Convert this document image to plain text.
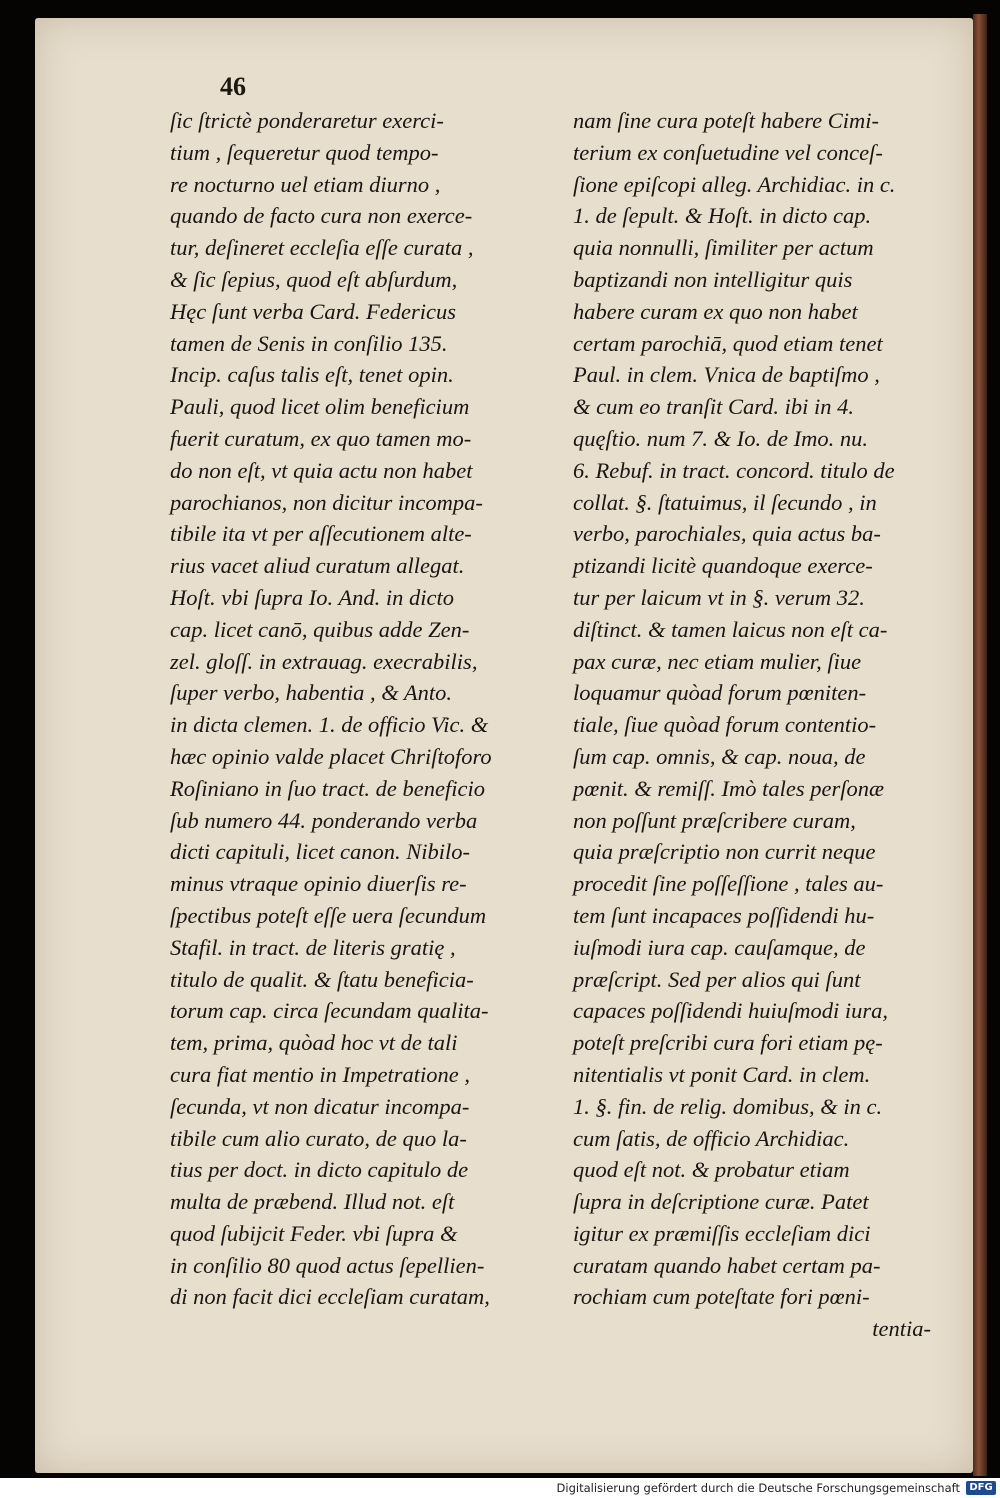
46
ſic ſtrictè ponderaretur exerci-
tium , ſequeretur quod tempo-
re nocturno uel etiam diurno ,
quando de facto cura non exerce-
tur, deſineret eccleſia eſſe curata ,
& ſic ſepius, quod eſt abſurdum,
Hęc ſunt verba Card. Federicus
tamen de Senis in conſilio 135.
Incip. caſus talis eſt, tenet opin.
Pauli, quod licet olim beneficium
fuerit curatum, ex quo tamen mo-
do non eſt, vt quia actu non habet
parochianos, non dicitur incompa-
tibile ita vt per aſſecutionem alte-
rius vacet aliud curatum allegat.
Hoſt. vbi ſupra Io. And. in dicto
cap. licet canō, quibus adde Zen-
zel. gloſſ. in extrauag. execrabilis,
ſuper verbo, habentia , & Anto.
in dicta clemen. 1. de officio Vic. &
hæc opinio valde placet Chriſtoforo
Roſiniano in ſuo tract. de beneficio
ſub numero 44. ponderando verba
dicti capituli, licet canon. Nibilo-
minus vtraque opinio diuerſis re-
ſpectibus poteſt eſſe uera ſecundum
Stafil. in tract. de literis gratię ,
titulo de qualit. & ſtatu beneficia-
torum cap. circa ſecundam qualita-
tem, prima, quòad hoc vt de tali
cura fiat mentio in Impetratione ,
ſecunda, vt non dicatur incompa-
tibile cum alio curato, de quo la-
tius per doct. in dicto capitulo de
multa de præbend. Illud not. eſt
quod ſubijcit Feder. vbi ſupra &
in conſilio 80 quod actus ſepellien-
di non facit dici eccleſiam curatam,
nam ſine cura poteſt habere Cimi-
terium ex conſuetudine vel conceſ-
ſione epiſcopi alleg. Archidiac. in c.
1. de ſepult. & Hoſt. in dicto cap.
quia nonnulli, ſimiliter per actum
baptizandi non intelligitur quis
habere curam ex quo non habet
certam parochiā, quod etiam tenet
Paul. in clem. Vnica de baptiſmo ,
& cum eo tranſit Card. ibi in 4.
quęſtio. num 7. & Io. de Imo. nu.
6. Rebuf. in tract. concord. titulo de
collat. §. ſtatuimus, il ſecundo , in
verbo, parochiales, quia actus ba-
ptizandi licitè quandoque exerce-
tur per laicum vt in §. verum 32.
diſtinct. & tamen laicus non eſt ca-
pax curæ, nec etiam mulier, ſiue
loquamur quòad forum pœniten-
tiale, ſiue quòad forum contentio-
ſum cap. omnis, & cap. noua, de
pœnit. & remiſſ. Imò tales perſonæ
non poſſunt præſcribere curam,
quia præſcriptio non currit neque
procedit ſine poſſeſſione , tales au-
tem ſunt incapaces poſſidendi hu-
iuſmodi iura cap. cauſamque, de
præſcript. Sed per alios qui ſunt
capaces poſſidendi huiuſmodi iura,
poteſt preſcribi cura fori etiam pę-
nitentialis vt ponit Card. in clem.
1. §. fin. de relig. domibus, & in c.
cum ſatis, de officio Archidiac.
quod eſt not. & probatur etiam
ſupra in deſcriptione curæ. Patet
igitur ex præmiſſis eccleſiam dici
curatam quando habet certam pa-
rochiam cum poteſtate fori pœni-
tentia-
Digitalisierung gefördert durch die Deutsche Forschungsgemeinschaft DFG
